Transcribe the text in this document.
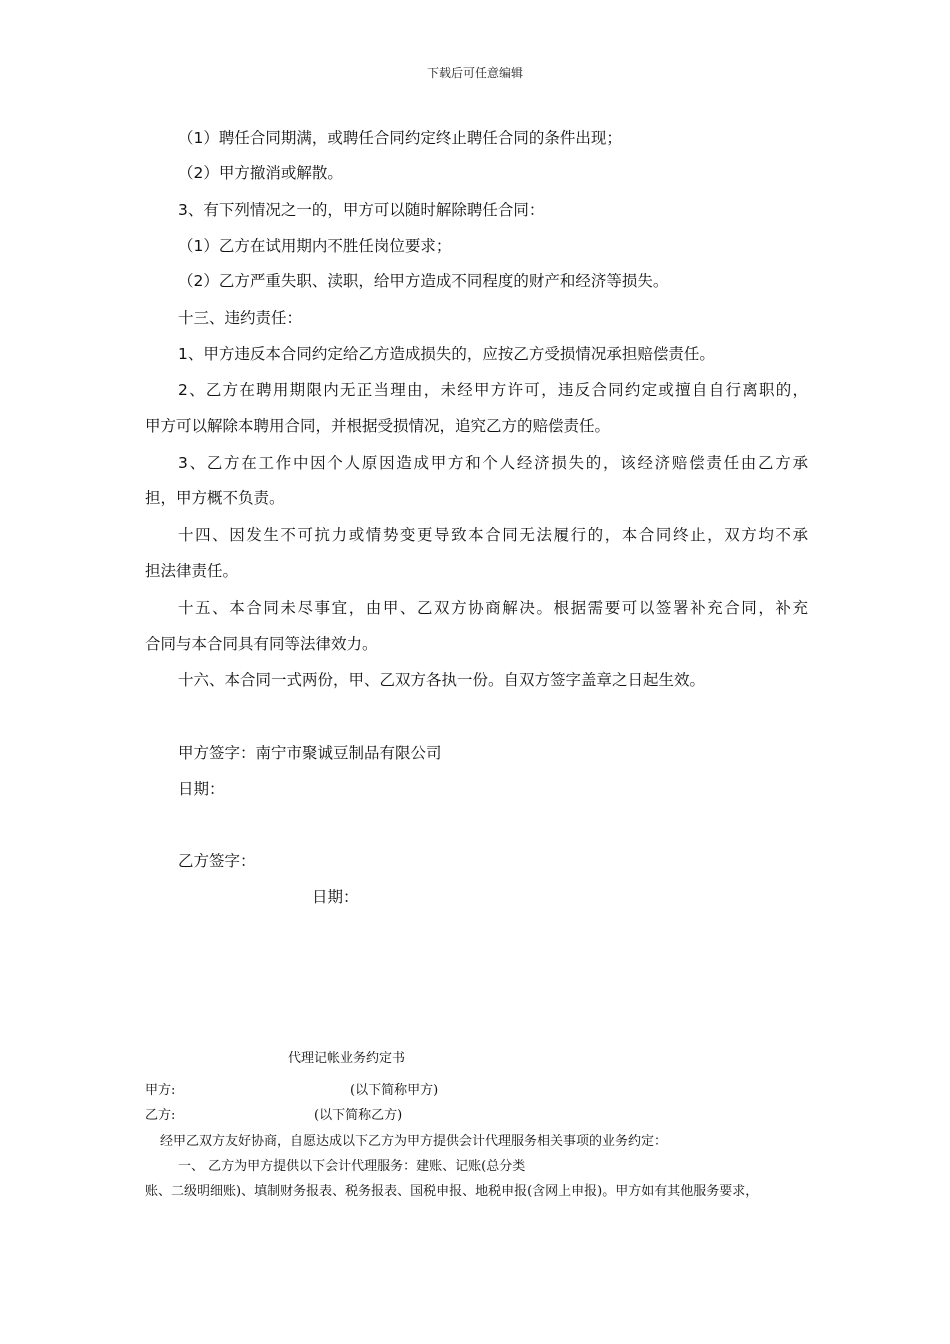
下载后可任意编辑
（1）聘任合同期满，或聘任合同约定终止聘任合同的条件出现；
（2）甲方撤消或解散。
3、有下列情况之一的，甲方可以随时解除聘任合同：
（1）乙方在试用期内不胜任岗位要求；
（2）乙方严重失职、渎职，给甲方造成不同程度的财产和经济等损失。
十三、违约责任：
1、甲方违反本合同约定给乙方造成损失的，应按乙方受损情况承担赔偿责任。
2、乙方在聘用期限内无正当理由，未经甲方许可，违反合同约定或擅自自行离职的，
甲方可以解除本聘用合同，并根据受损情况，追究乙方的赔偿责任。
3、乙方在工作中因个人原因造成甲方和个人经济损失的，该经济赔偿责任由乙方承
担，甲方概不负责。
十四、因发生不可抗力或情势变更导致本合同无法履行的，本合同终止，双方均不承
担法律责任。
十五、本合同未尽事宜，由甲、乙双方协商解决。根据需要可以签署补充合同，补充
合同与本合同具有同等法律效力。
十六、本合同一式两份，甲、乙双方各执一份。自双方签字盖章之日起生效。
甲方签字：南宁市聚诚豆制品有限公司
日期：
乙方签字：
日期：
代理记帐业务约定书
甲方:	(以下简称甲方)
乙方:	(以下简称乙方)
经甲乙双方友好协商，自愿达成以下乙方为甲方提供会计代理服务相关事项的业务约定：
一、 乙方为甲方提供以下会计代理服务：建账、记账(总分类
账、二级明细账)、填制财务报表、税务报表、国税申报、地税申报(含网上申报)。甲方如有其他服务要求，
